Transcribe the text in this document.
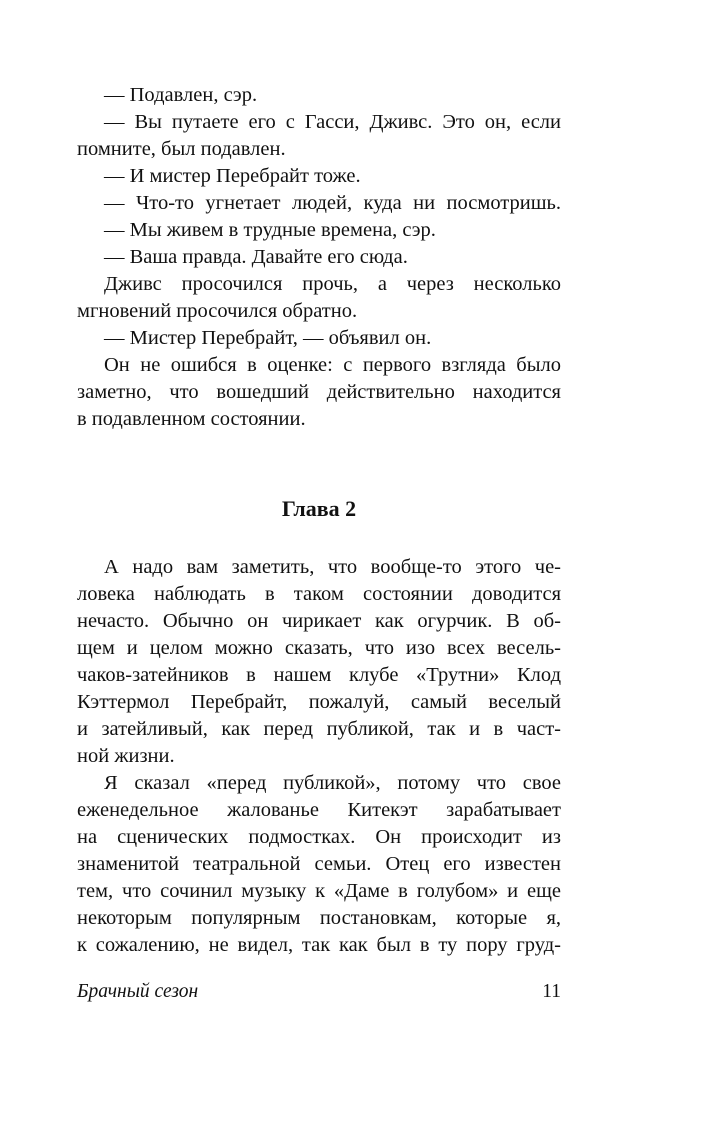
— Подавлен, сэр.
— Вы путаете его с Гасси, Дживс. Это он, если
помните, был подавлен.
— И мистер Перебрайт тоже.
— Что-то угнетает людей, куда ни посмотришь.
— Мы живем в трудные времена, сэр.
— Ваша правда. Давайте его сюда.
Дживс просочился прочь, а через несколько
мгновений просочился обратно.
— Мистер Перебрайт, — объявил он.
Он не ошибся в оценке: с первого взгляда было
заметно, что вошедший действительно находится
в подавленном состоянии.
Глава 2
А надо вам заметить, что вообще-то этого че-
ловека наблюдать в таком состоянии доводится
нечасто. Обычно он чирикает как огурчик. В об-
щем и целом можно сказать, что изо всех весель-
чаков-затейников в нашем клубе «Трутни» Клод
Кэттермол Перебрайт, пожалуй, самый веселый
и затейливый, как перед публикой, так и в част-
ной жизни.
Я сказал «перед публикой», потому что свое
еженедельное жалованье Китекэт зарабатывает
на сценических подмостках. Он происходит из
знаменитой театральной семьи. Отец его известен
тем, что сочинил музыку к «Даме в голубом» и еще
некоторым популярным постановкам, которые я,
к сожалению, не видел, так как был в ту пору груд-
Брачный сезон	11
